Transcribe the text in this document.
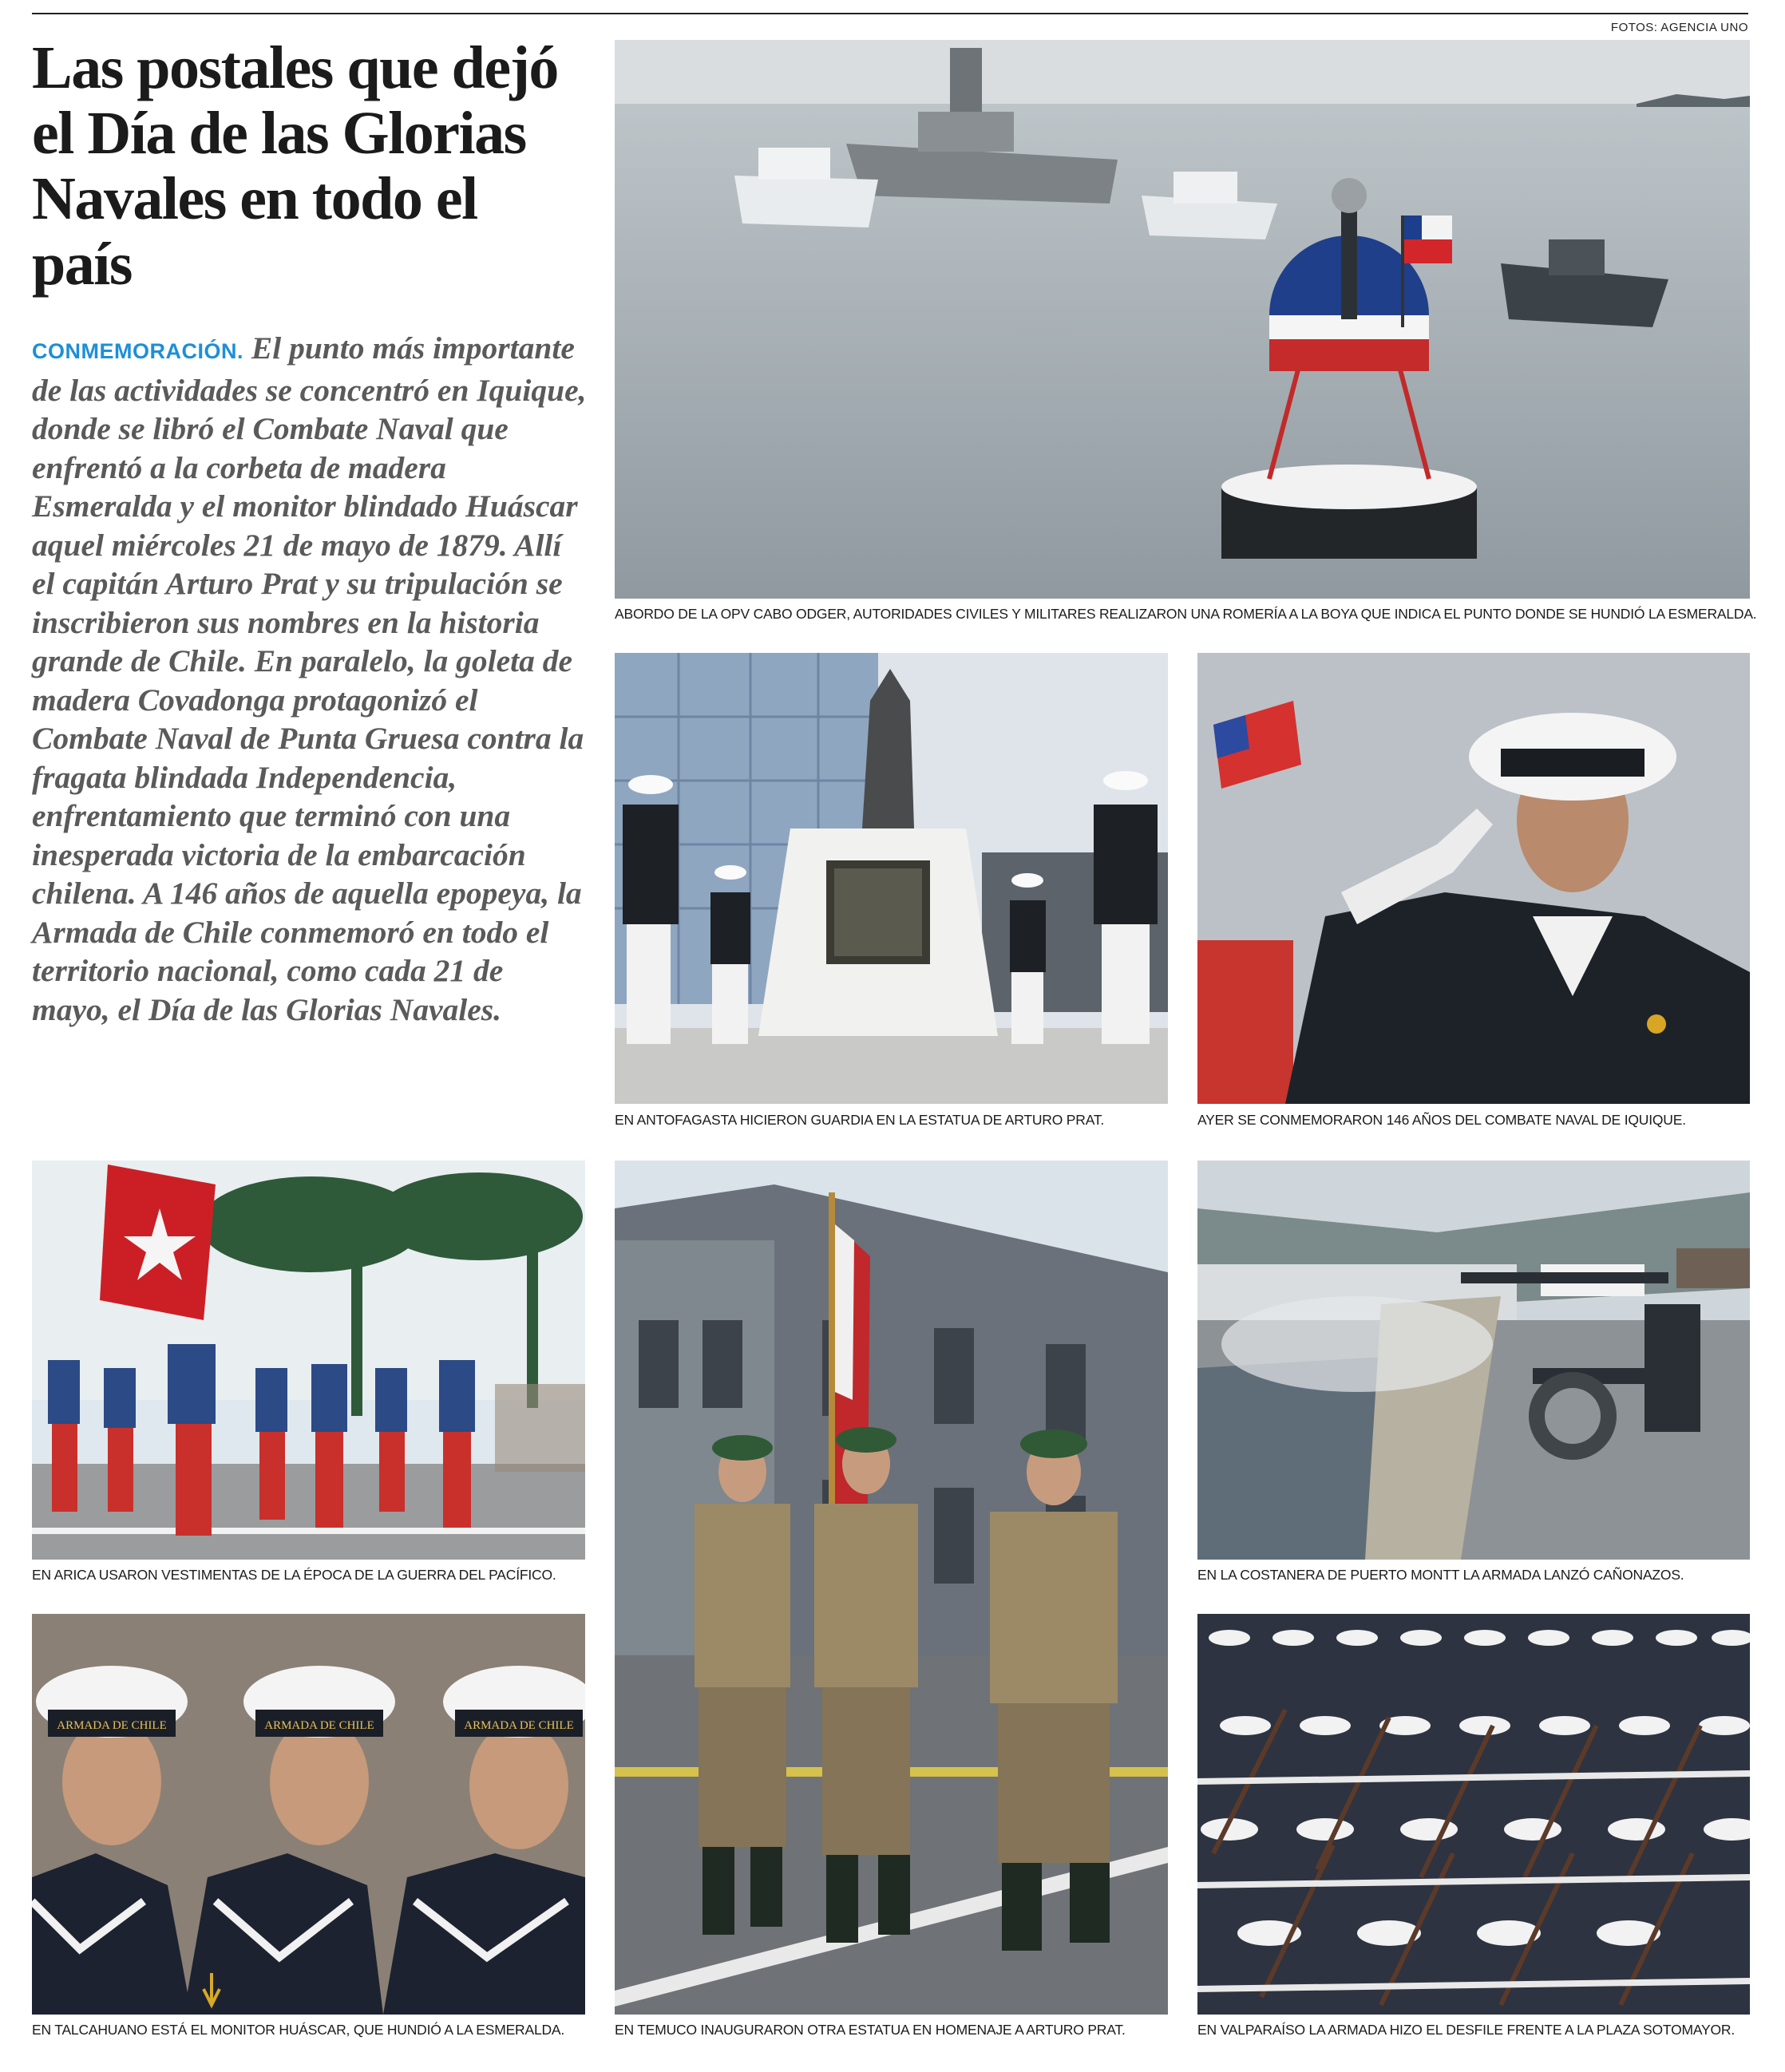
FOTOS: AGENCIA UNO
Las postales que dejó el Día de las Glorias Navales en todo el país

CONMEMORACIÓN. El punto más importante de las actividades se concentró en Iquique, donde se libró el Combate Naval que enfrentó a la corbeta de madera Esmeralda y el monitor blindado Huáscar aquel miércoles 21 de mayo de 1879. Allí el capitán Arturo Prat y su tripulación se inscribieron sus nombres en la historia grande de Chile. En paralelo, la goleta de madera Covadonga protagonizó el Combate Naval de Punta Gruesa contra la fragata blindada Independencia, enfrentamiento que terminó con una inesperada victoria de la embarcación chilena. A 146 años de aquella epopeya, la Armada de Chile conmemoró en todo el territorio nacional, como cada 21 de mayo, el Día de las Glorias Navales.

ABORDO DE LA OPV CABO ODGER, AUTORIDADES CIVILES Y MILITARES REALIZARON UNA ROMERÍA A LA BOYA QUE INDICA EL PUNTO DONDE SE HUNDIÓ LA ESMERALDA.
EN ANTOFAGASTA HICIERON GUARDIA EN LA ESTATUA DE ARTURO PRAT.	AYER SE CONMEMORARON 146 AÑOS DEL COMBATE NAVAL DE IQUIQUE.
EN ARICA USARON VESTIMENTAS DE LA ÉPOCA DE LA GUERRA DEL PACÍFICO.
EN TEMUCO INAUGURARON OTRA ESTATUA EN HOMENAJE A ARTURO PRAT.
EN LA COSTANERA DE PUERTO MONTT LA ARMADA LANZÓ CAÑONAZOS.
ARMADA DE CHILE	ARMADA DE CHILE	ARMADA DE CHILE
EN TALCAHUANO ESTÁ EL MONITOR HUÁSCAR, QUE HUNDIÓ A LA ESMERALDA.	EN VALPARAÍSO LA ARMADA HIZO EL DESFILE FRENTE A LA PLAZA SOTOMAYOR.
